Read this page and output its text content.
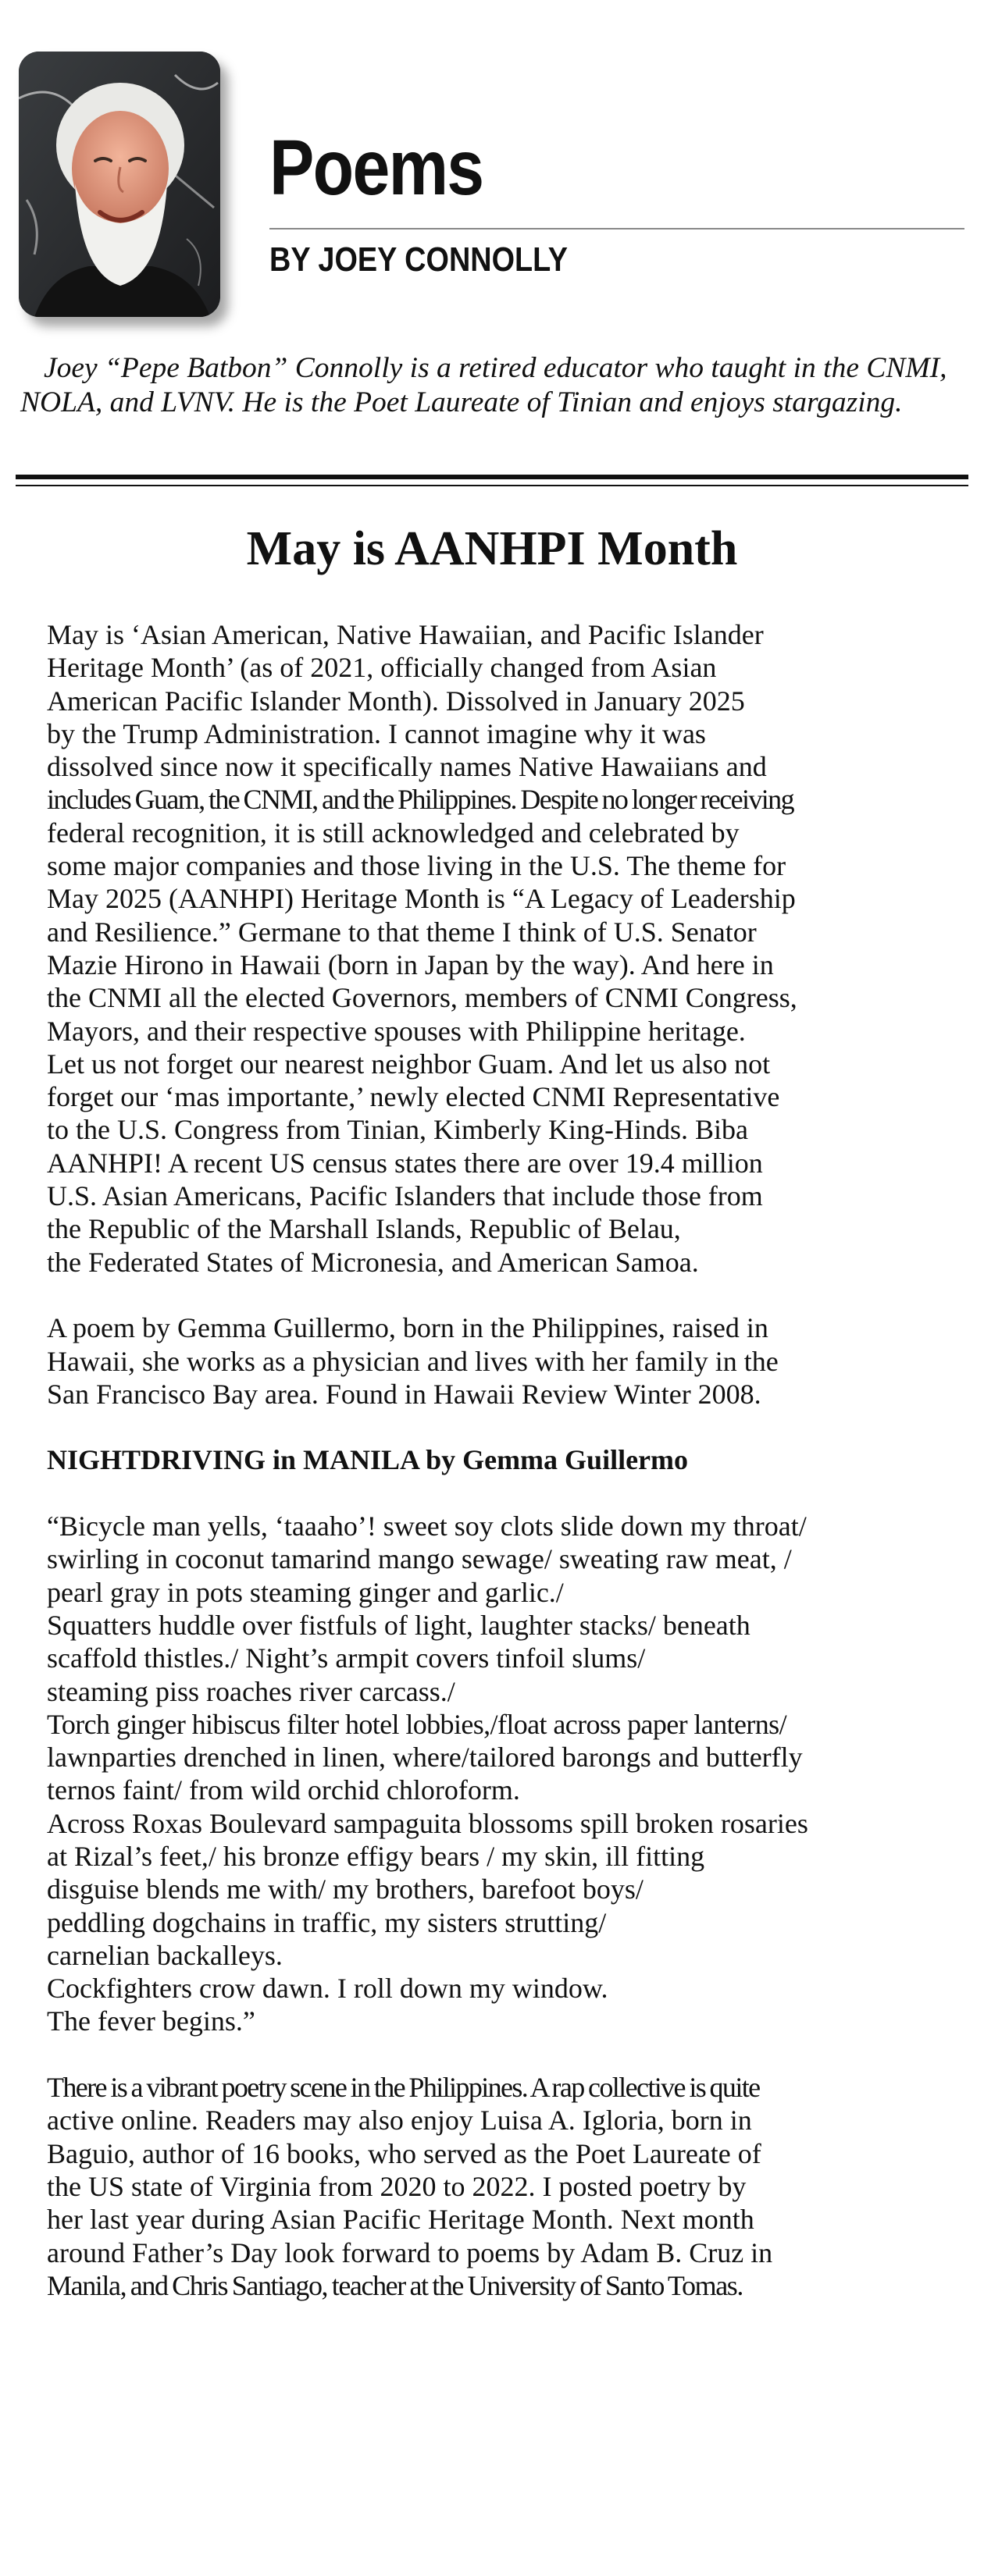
Poems
BY JOEY CONNOLLY

Joey “Pepe Batbon” Connolly is a retired educator who taught in the CNMI, NOLA, and LVNV. He is the Poet Laureate of Tinian and enjoys stargazing.

May is AANHPI Month
May is ‘Asian American, Native Hawaiian, and Pacific Islander
Heritage Month’ (as of 2021, officially changed from Asian
American Pacific Islander Month). Dissolved in January 2025
by the Trump Administration. I cannot imagine why it was
dissolved since now it specifically names Native Hawaiians and
includes Guam, the CNMI, and the Philippines. Despite no longer receiving
federal recognition, it is still acknowledged and celebrated by
some major companies and those living in the U.S. The theme for
May 2025 (AANHPI) Heritage Month is “A Legacy of Leadership
and Resilience.” Germane to that theme I think of U.S. Senator
Mazie Hirono in Hawaii (born in Japan by the way). And here in
the CNMI all the elected Governors, members of CNMI Congress,
Mayors, and their respective spouses with Philippine heritage.
Let us not forget our nearest neighbor Guam. And let us also not
forget our ‘mas importante,’ newly elected CNMI Representative
to the U.S. Congress from Tinian, Kimberly King-Hinds. Biba
AANHPI! A recent US census states there are over 19.4 million
U.S. Asian Americans, Pacific Islanders that include those from
the Republic of the Marshall Islands, Republic of Belau,
the Federated States of Micronesia, and American Samoa.
A poem by Gemma Guillermo, born in the Philippines, raised in
Hawaii, she works as a physician and lives with her family in the
San Francisco Bay area. Found in Hawaii Review Winter 2008.
NIGHTDRIVING in MANILA by Gemma Guillermo
“Bicycle man yells, ‘taaaho’! sweet soy clots slide down my throat/
swirling in coconut tamarind mango sewage/ sweating raw meat, /
pearl gray in pots steaming ginger and garlic./
Squatters huddle over fistfuls of light, laughter stacks/ beneath
scaffold thistles./ Night’s armpit covers tinfoil slums/
steaming piss roaches river carcass./
Torch ginger hibiscus filter hotel lobbies,/float across paper lanterns/
lawnparties drenched in linen, where/tailored barongs and butterfly
ternos faint/ from wild orchid chloroform.
Across Roxas Boulevard sampaguita blossoms spill broken rosaries
at Rizal’s feet,/ his bronze effigy bears / my skin, ill fitting
disguise blends me with/ my brothers, barefoot boys/
peddling dogchains in traffic, my sisters strutting/
carnelian backalleys.
Cockfighters crow dawn. I roll down my window.
The fever begins.”
There is a vibrant poetry scene in the Philippines. A rap collective is quite
active online. Readers may also enjoy Luisa A. Igloria, born in
Baguio, author of 16 books, who served as the Poet Laureate of
the US state of Virginia from 2020 to 2022. I posted poetry by
her last year during Asian Pacific Heritage Month. Next month
around Father’s Day look forward to poems by Adam B. Cruz in
Manila, and Chris Santiago, teacher at the University of Santo Tomas.
